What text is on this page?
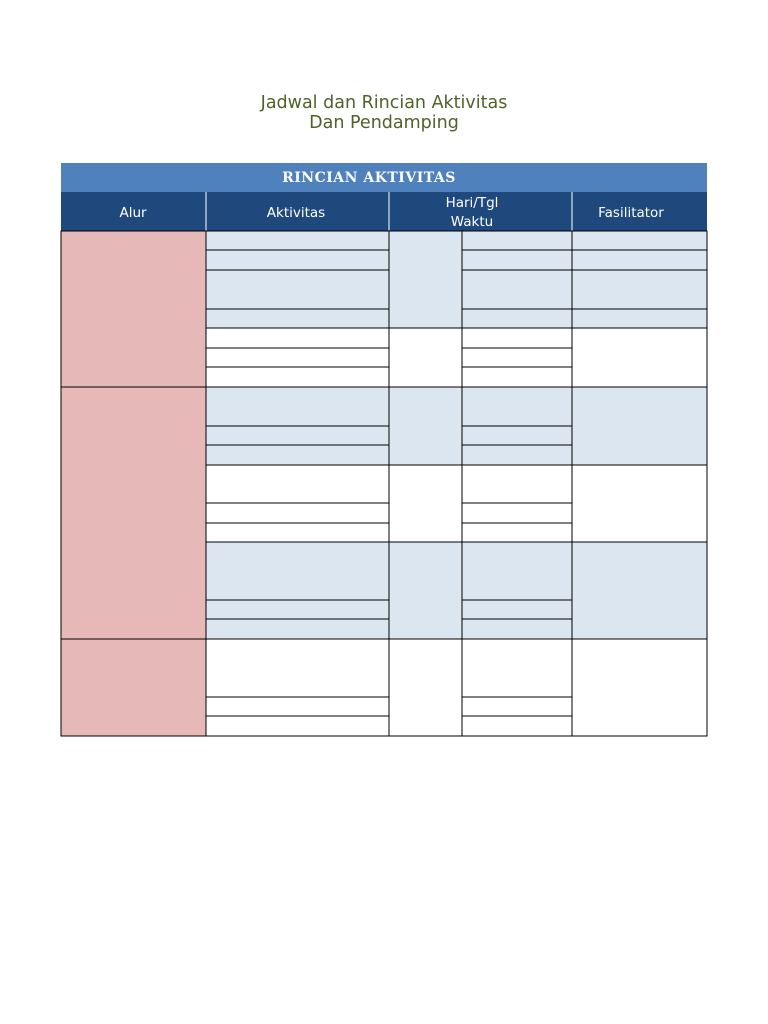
Jadwal dan Rincian Aktivitas
Dan Pendamping
RINCIAN AKTIVITAS
Alur	Aktivitas
Hari/Tgl
Waktu
Fasilitator
